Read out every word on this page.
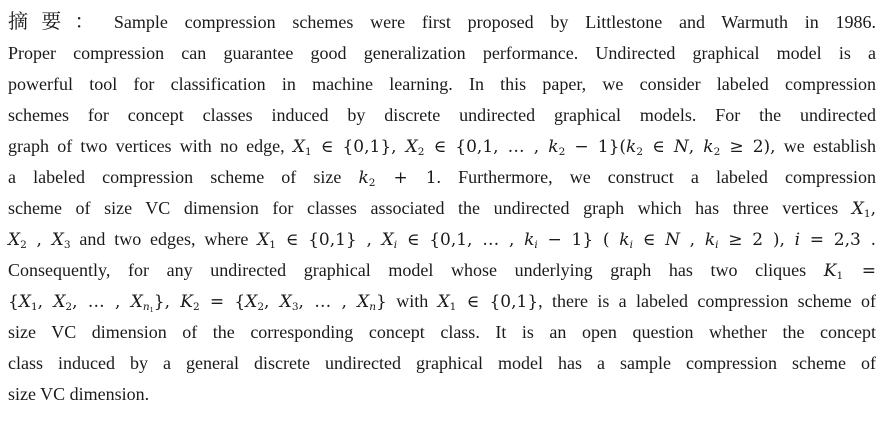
摘要： Sample compression schemes were first proposed by Littlestone and Warmuth in 1986.
Proper compression can guarantee good generalization performance. Undirected graphical model is a
powerful tool for classification in machine learning. In this paper, we consider labeled compression
schemes for concept classes induced by discrete undirected graphical models. For the undirected
graph of two vertices with no edge, $X_1$ ∈ {0,1}, $X_2$ ∈ {0,1, … , $k_2 - 1\}(k_2$ ∈ N, $k_2 \ge 2$), we establish
a labeled compression scheme of size $k_2 + 1$. Furthermore, we construct a labeled compression
scheme of size VC dimension for classes associated the undirected graph which has three vertices $X_1$,
$X_2$ , $X_3$ and two edges, where $X_1$ ∈ {0,1} , $X_i$ ∈ {0,1, … , $k_i - 1$} ( $k_i$ ∈ N , $k_i \ge 2$ ), i = 2,3 .
Consequently, for any undirected graphical model whose underlying graph has two cliques $K_1$ =
{$X_1$, $X_2$, … , $X_{n_1}$}, $K_2 = \{X_2$, $X_3$, … , $X_n$} with $X_1$ ∈ {0,1}, there is a labeled compression scheme of
size VC dimension of the corresponding concept class. It is an open question whether the concept
class induced by a general discrete undirected graphical model has a sample compression scheme of
size VC dimension.
